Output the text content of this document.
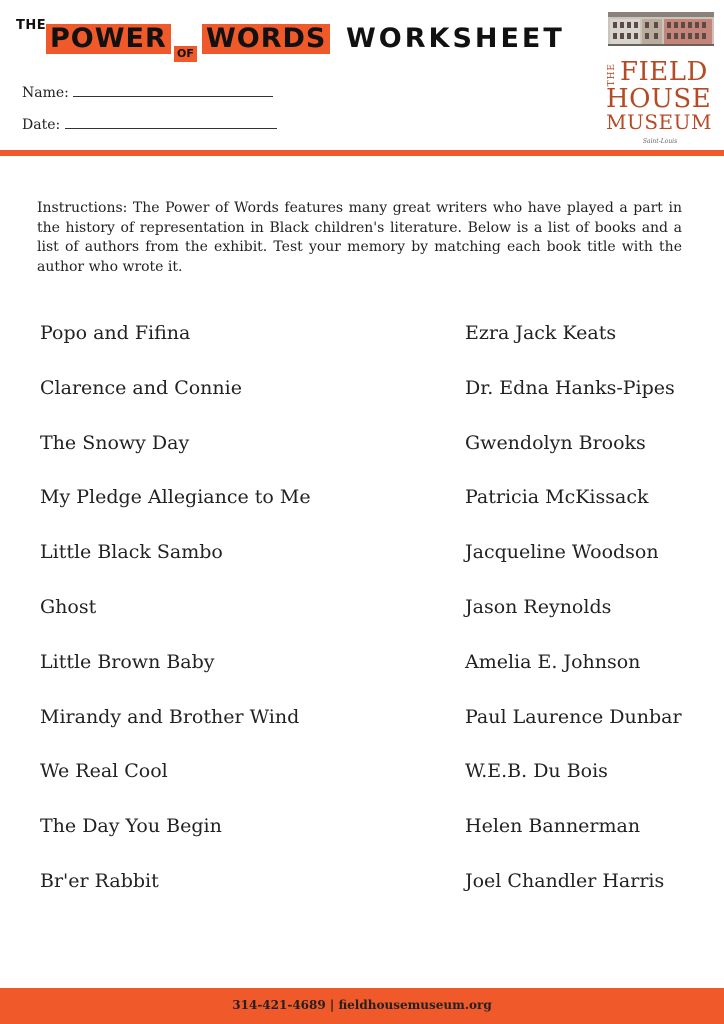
THE POWER OF WORDS WORKSHEET
Name:
Date:
THE FIELD
HOUSE
MUSEUM
Saint-Louis

Instructions: The Power of Words features many great writers who have played a part in the history of representation in Black children's literature. Below is a list of books and a list of authors from the exhibit. Test your memory by matching each book title with the author who wrote it.

Popo and Fifina
Clarence and Connie
The Snowy Day
My Pledge Allegiance to Me
Little Black Sambo
Ghost
Little Brown Baby
Mirandy and Brother Wind
We Real Cool
The Day You Begin
Br'er Rabbit
Ezra Jack Keats
Dr. Edna Hanks-Pipes
Gwendolyn Brooks
Patricia McKissack
Jacqueline Woodson
Jason Reynolds
Amelia E. Johnson
Paul Laurence Dunbar
W.E.B. Du Bois
Helen Bannerman
Joel Chandler Harris
314-421-4689 | fieldhousemuseum.org
